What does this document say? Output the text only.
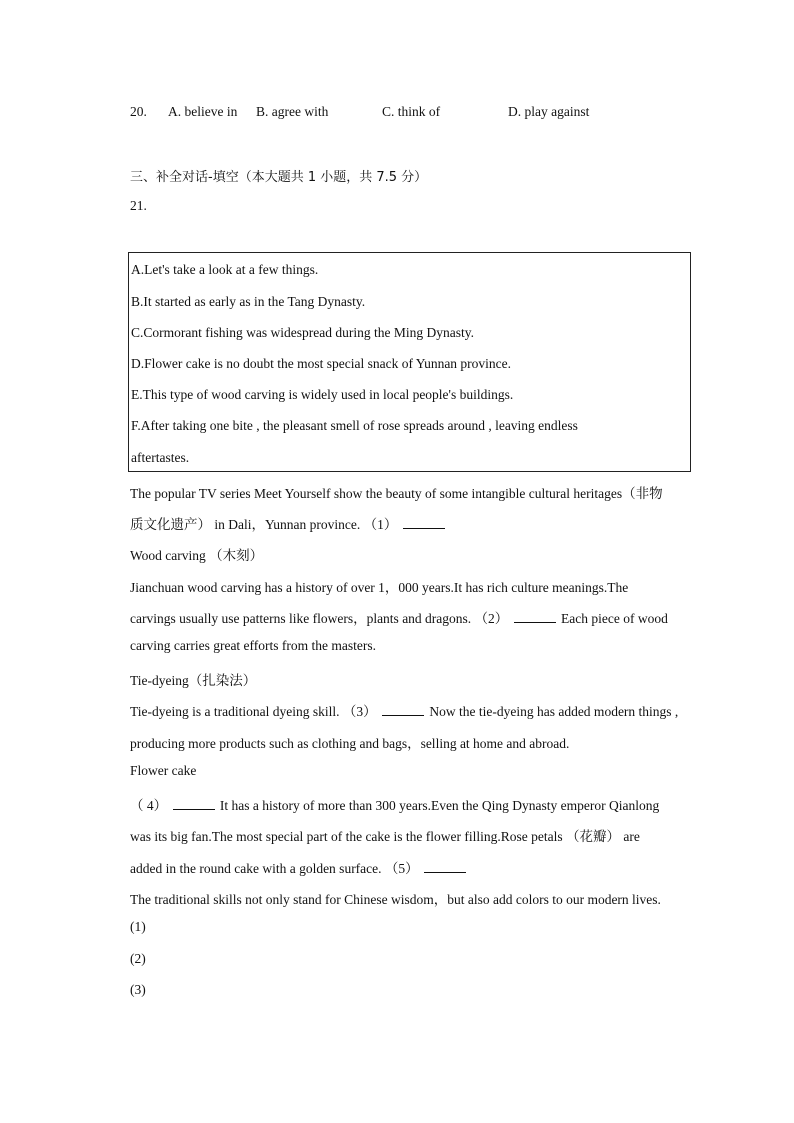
20. A. believe in B. agree with	C. think of	D. play against
三、补全对话-填空（本大题共 1 小题，共 7.5 分）
21.
A.Let's take a look at a few things.
B.It started as early as in the Tang Dynasty.
C.Cormorant fishing was widespread during the Ming Dynasty.
D.Flower cake is no doubt the most special snack of Yunnan province.
E.This type of wood carving is widely used in local people's buildings.
F.After taking one bite , the pleasant smell of rose spreads around , leaving endless
aftertastes.
The popular TV series Meet Yourself show the beauty of some intangible cultural heritages（非物
质文化遗产） in Dali，Yunnan province. （1）
Wood carving （木刻）
Jianchuan wood carving has a history of over 1，000 years.It has rich culture meanings.The
carvings usually use patterns like flowers，plants and dragons. （2）	Each piece of wood
carving carries great efforts from the masters.
Tie-dyeing（扎染法）
Tie-dyeing is a traditional dyeing skill. （3）	Now the tie-dyeing has added modern things ,
producing more products such as clothing and bags，selling at home and abroad.
Flower cake
（ 4）	It has a history of more than 300 years.Even the Qing Dynasty emperor Qianlong
was its big fan.The most special part of the cake is the flower filling.Rose petals （花瓣） are
added in the round cake with a golden surface. （5）
The traditional skills not only stand for Chinese wisdom，but also add colors to our modern lives.
(1)
(2)
(3)
